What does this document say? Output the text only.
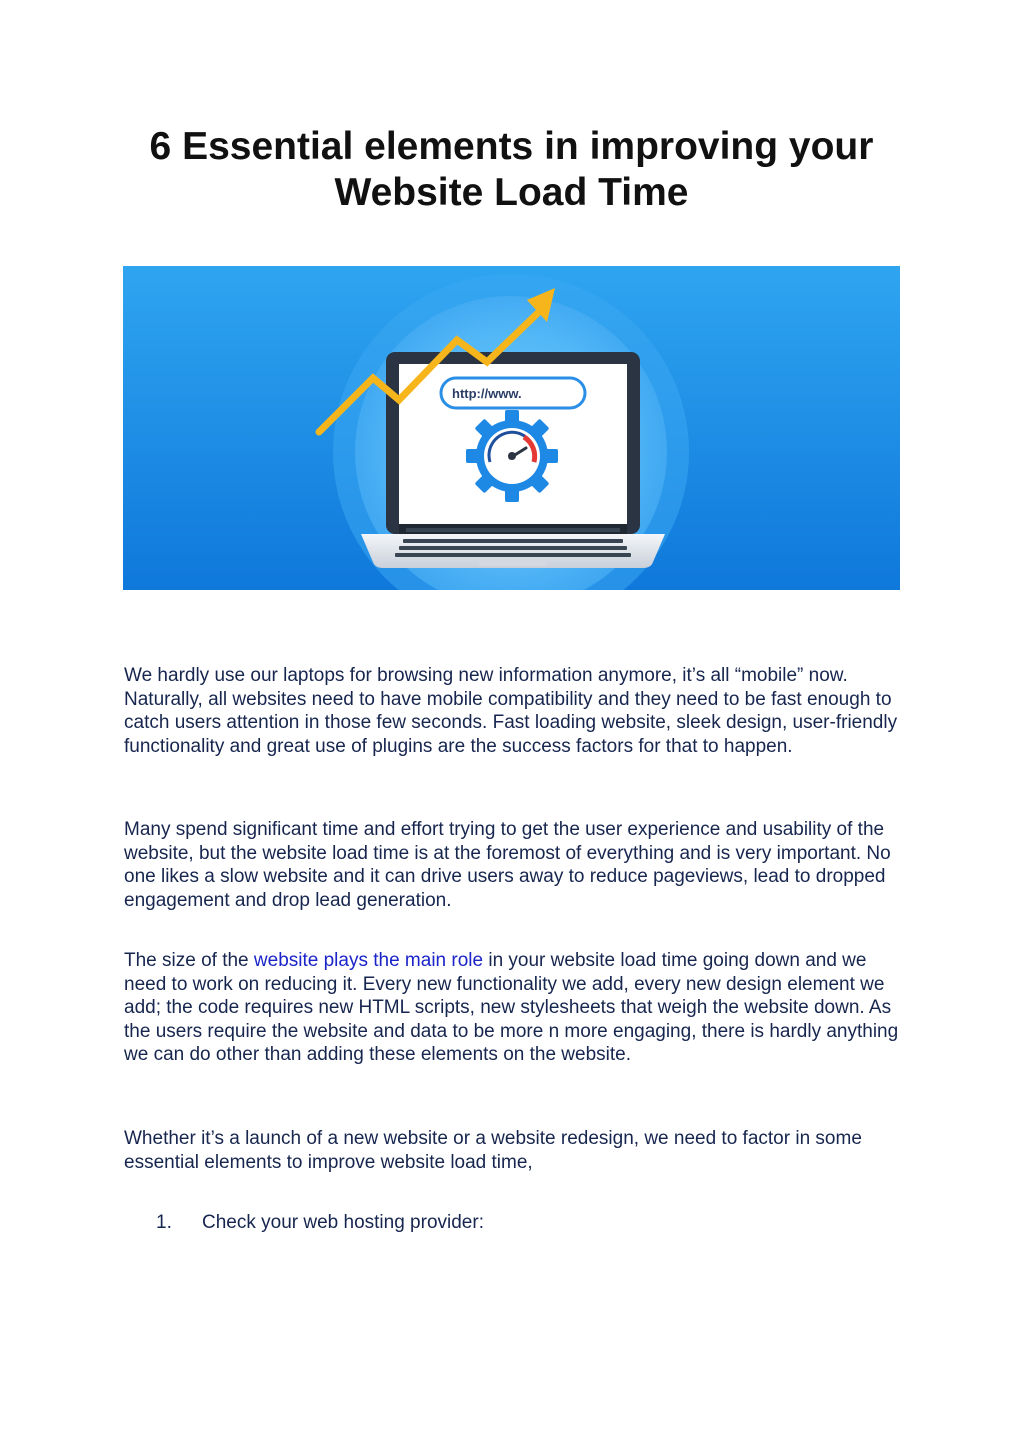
6 Essential elements in improving your
Website Load Time
http://www.

We hardly use our laptops for browsing new information anymore, it’s all “mobile” now. Naturally, all websites need to have mobile compatibility and they need to be fast enough to catch users attention in those few seconds. Fast loading website, sleek design, user-friendly functionality and great use of plugins are the success factors for that to happen.

Many spend significant time and effort trying to get the user experience and usability of the website, but the website load time is at the foremost of everything and is very important. No one likes a slow website and it can drive users away to reduce pageviews, lead to dropped engagement and drop lead generation.

The size of the website plays the main role in your website load time going down and we need to work on reducing it. Every new functionality we add, every new design element we add; the code requires new HTML scripts, new stylesheets that weigh the website down. As the users require the website and data to be more n more engaging, there is hardly anything we can do other than adding these elements on the website.

Whether it’s a launch of a new website or a website redesign, we need to factor in some essential elements to improve website load time,

1.	Check your web hosting provider:
